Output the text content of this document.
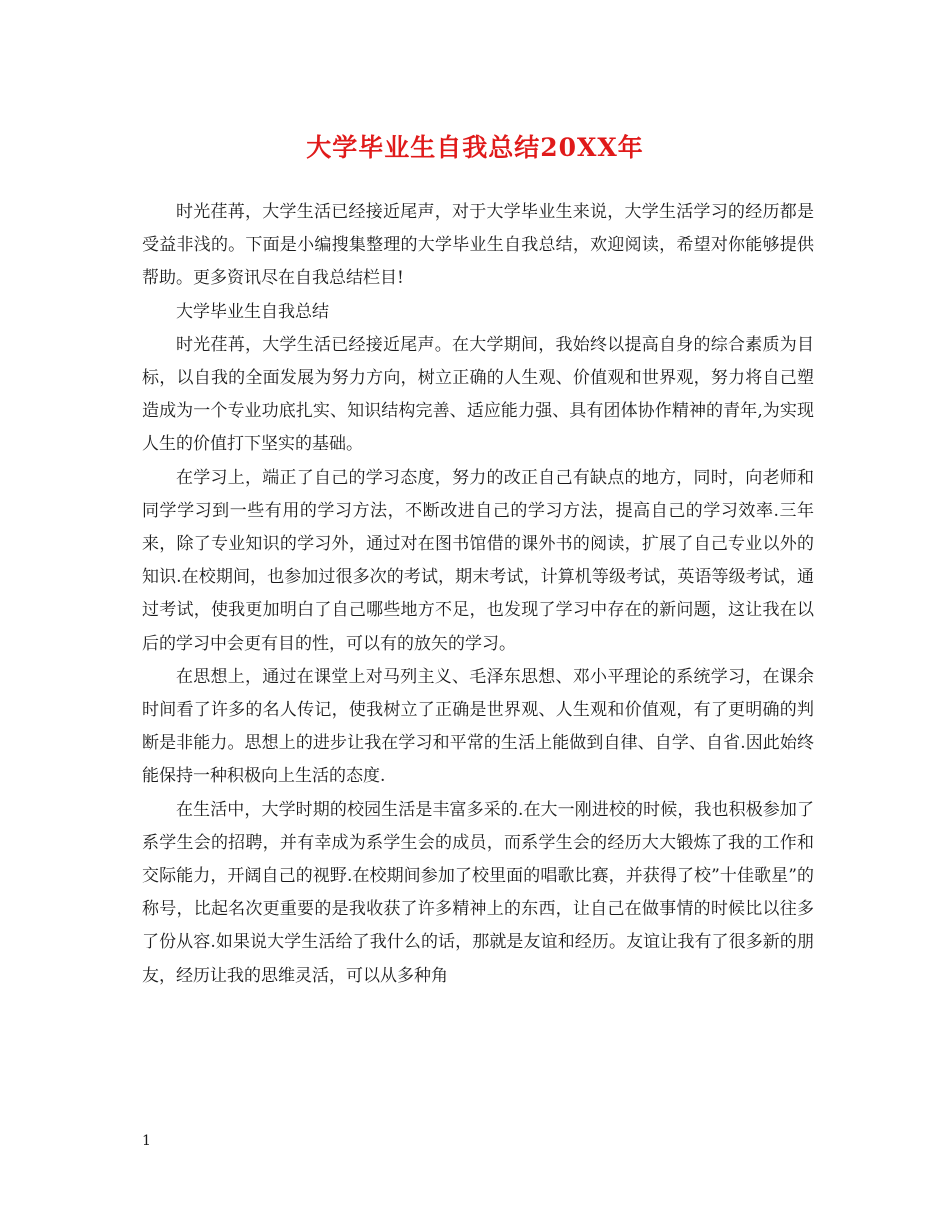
大学毕业生自我总结20XX年

时光荏苒，大学生活已经接近尾声，对于大学毕业生来说，大学生活学习的经历都是受益非浅的。下面是小编搜集整理的大学毕业生自我总结，欢迎阅读，希望对你能够提供帮助。更多资讯尽在自我总结栏目!

大学毕业生自我总结

时光荏苒，大学生活已经接近尾声。在大学期间，我始终以提高自身的综合素质为目标，以自我的全面发展为努力方向，树立正确的人生观、价值观和世界观，努力将自己塑造成为一个专业功底扎实、知识结构完善、适应能力强、具有团体协作精神的青年,为实现人生的价值打下坚实的基础。

在学习上，端正了自己的学习态度，努力的改正自己有缺点的地方，同时，向老师和同学学习到一些有用的学习方法，不断改进自己的学习方法，提高自己的学习效率.三年来，除了专业知识的学习外，通过对在图书馆借的课外书的阅读，扩展了自己专业以外的知识.在校期间，也参加过很多次的考试，期末考试，计算机等级考试，英语等级考试，通过考试，使我更加明白了自己哪些地方不足，也发现了学习中存在的新问题，这让我在以后的学习中会更有目的性，可以有的放矢的学习。

在思想上，通过在课堂上对马列主义、毛泽东思想、邓小平理论的系统学习，在课余时间看了许多的名人传记，使我树立了正确是世界观、人生观和价值观，有了更明确的判断是非能力。思想上的进步让我在学习和平常的生活上能做到自律、自学、自省.因此始终能保持一种积极向上生活的态度.

在生活中，大学时期的校园生活是丰富多采的.在大一刚进校的时候，我也积极参加了系学生会的招聘，并有幸成为系学生会的成员，而系学生会的经历大大锻炼了我的工作和交际能力，开阔自己的视野.在校期间参加了校里面的唱歌比赛，并获得了校”十佳歌星”的称号，比起名次更重要的是我收获了许多精神上的东西，让自己在做事情的时候比以往多了份从容.如果说大学生活给了我什么的话，那就是友谊和经历。友谊让我有了很多新的朋友，经历让我的思维灵活，可以从多种角

1
